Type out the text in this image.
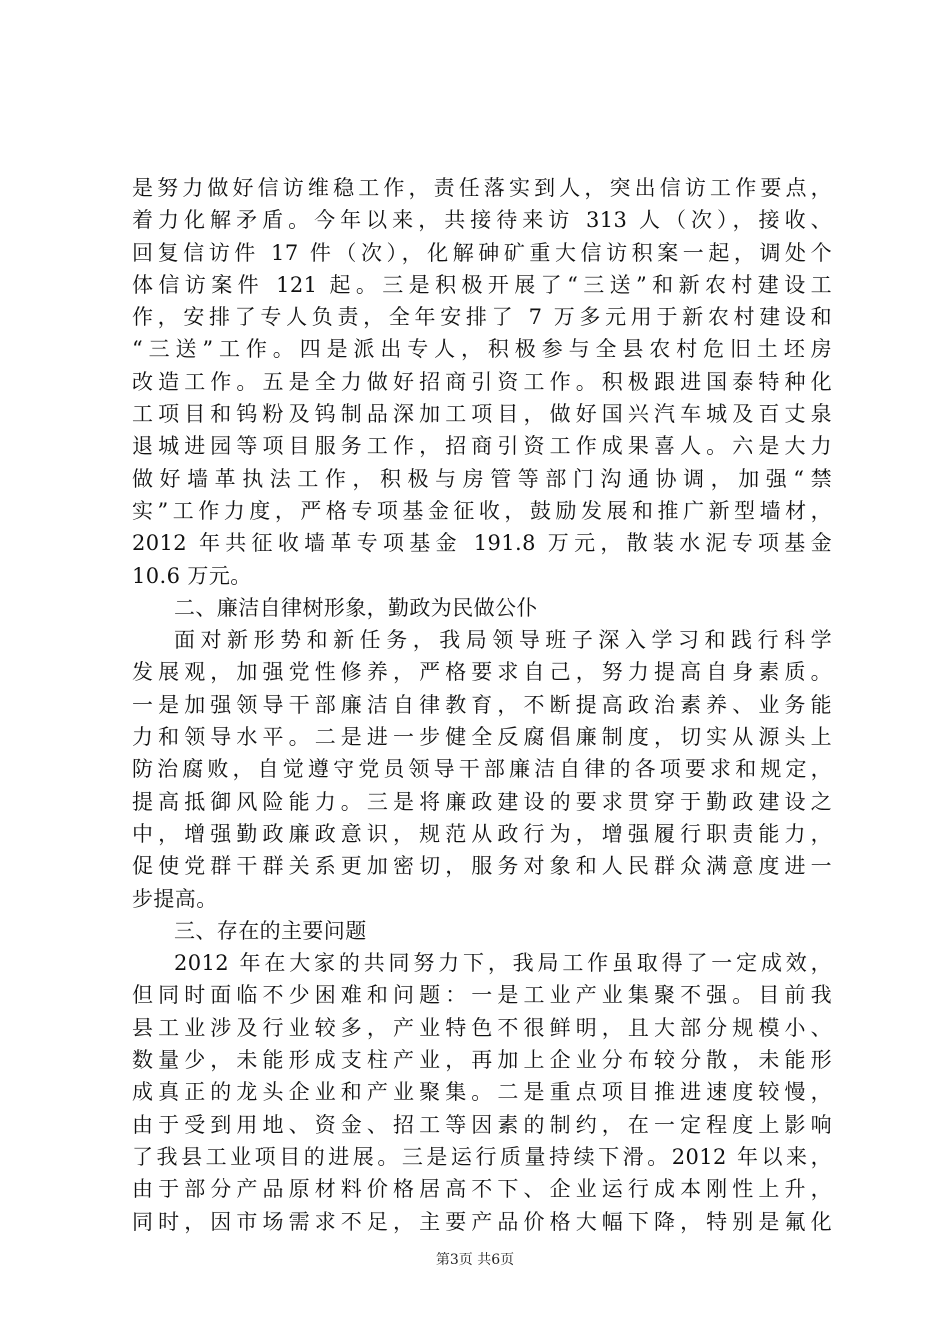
是努力做好信访维稳工作，责任落实到人，突出信访工作要点，
着力化解矛盾。今年以来，共接待来访 313 人（次），接收、
回复信访件 17 件（次），化解砷矿重大信访积案一起，调处个
体信访案件 121 起。三是积极开展了“三送”和新农村建设工
作，安排了专人负责，全年安排了 7 万多元用于新农村建设和
“三送”工作。四是派出专人，积极参与全县农村危旧土坯房
改造工作。五是全力做好招商引资工作。积极跟进国泰特种化
工项目和钨粉及钨制品深加工项目，做好国兴汽车城及百丈泉
退城进园等项目服务工作，招商引资工作成果喜人。六是大力
做好墙革执法工作，积极与房管等部门沟通协调，加强“禁
实”工作力度，严格专项基金征收，鼓励发展和推广新型墙材，
2012 年共征收墙革专项基金 191.8 万元，散装水泥专项基金
10.6 万元。
二、廉洁自律树形象，勤政为民做公仆
面对新形势和新任务，我局领导班子深入学习和践行科学
发展观，加强党性修养，严格要求自己，努力提高自身素质。
一是加强领导干部廉洁自律教育，不断提高政治素养、业务能
力和领导水平。二是进一步健全反腐倡廉制度，切实从源头上
防治腐败，自觉遵守党员领导干部廉洁自律的各项要求和规定，
提高抵御风险能力。三是将廉政建设的要求贯穿于勤政建设之
中，增强勤政廉政意识，规范从政行为，增强履行职责能力，
促使党群干群关系更加密切，服务对象和人民群众满意度进一
步提高。
三、存在的主要问题
2012 年在大家的共同努力下，我局工作虽取得了一定成效，
但同时面临不少困难和问题：一是工业产业集聚不强。目前我
县工业涉及行业较多，产业特色不很鲜明，且大部分规模小、
数量少，未能形成支柱产业，再加上企业分布较分散，未能形
成真正的龙头企业和产业聚集。二是重点项目推进速度较慢，
由于受到用地、资金、招工等因素的制约，在一定程度上影响
了我县工业项目的进展。三是运行质量持续下滑。2012 年以来，
由于部分产品原材料价格居高不下、企业运行成本刚性上升，
同时，因市场需求不足，主要产品价格大幅下降，特别是氟化
第3页 共6页
